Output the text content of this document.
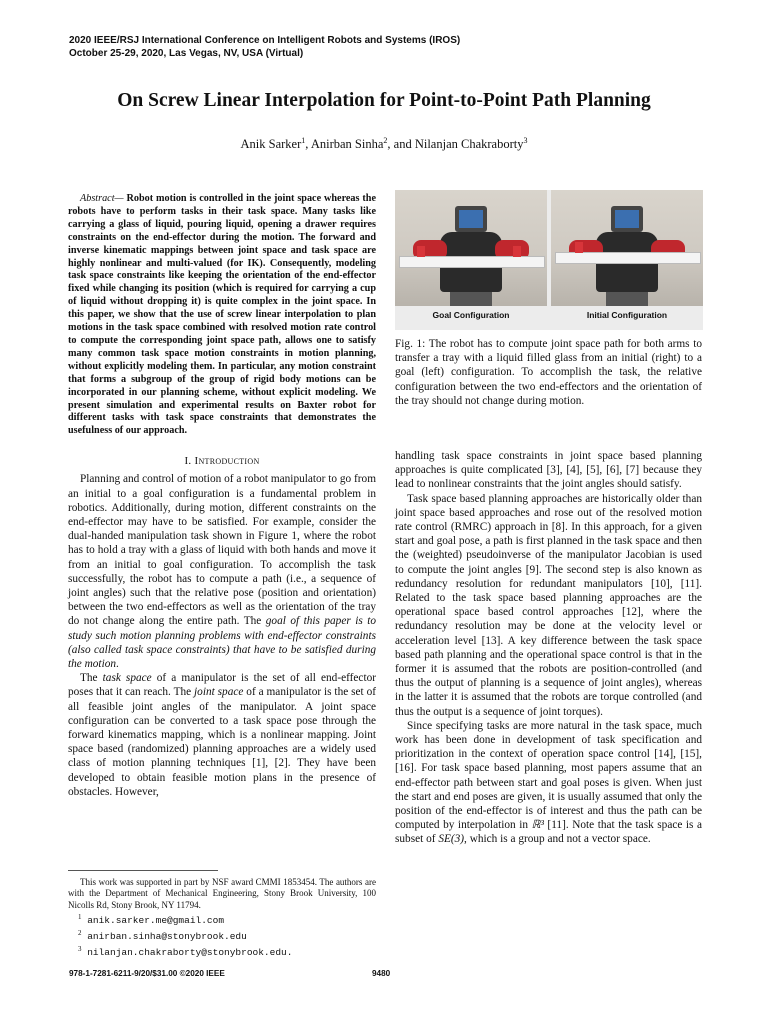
2020 IEEE/RSJ International Conference on Intelligent Robots and Systems (IROS)
October 25-29, 2020, Las Vegas, NV, USA (Virtual)
On Screw Linear Interpolation for Point-to-Point Path Planning
Anik Sarker$^1$, Anirban Sinha$^2$, and Nilanjan Chakraborty$^3$

Abstract— Robot motion is controlled in the joint space whereas the robots have to perform tasks in their task space. Many tasks like carrying a glass of liquid, pouring liquid, opening a drawer requires constraints on the end-effector during the motion. The forward and inverse kinematic mappings between joint space and task space are highly nonlinear and multi-valued (for IK). Consequently, modeling task space constraints like keeping the orientation of the end-effector fixed while changing its position (which is required for carrying a cup of liquid without dropping it) is quite complex in the joint space. In this paper, we show that the use of screw linear interpolation to plan motions in the task space combined with resolved motion rate control to compute the corresponding joint space path, allows one to satisfy many common task space motion constraints in motion planning, without explicitly modeling them. In particular, any motion constraint that forms a subgroup of the group of rigid body motions can be incorporated in our planning scheme, without explicit modeling. We present simulation and experimental results on Baxter robot for different tasks with task space constraints that demonstrates the usefulness of our approach.

I. Introduction

Planning and control of motion of a robot manipulator to go from an initial to a goal configuration is a fundamental problem in robotics. Additionally, during motion, different constraints on the end-effector may have to be satisfied. For example, consider the dual-handed manipulation task shown in Figure 1, where the robot has to hold a tray with a glass of liquid with both hands and move it from an initial to goal configuration. To accomplish the task successfully, the robot has to compute a path (i.e., a sequence of joint angles) such that the relative pose (position and orientation) between the two end-effectors as well as the orientation of the tray do not change along the entire path. The goal of this paper is to study such motion planning problems with end-effector constraints (also called task space constraints) that have to be satisfied during the motion.

The task space of a manipulator is the set of all end-effector poses that it can reach. The joint space of a manipulator is the set of all feasible joint angles of the manipulator. A joint space configuration can be converted to a task space pose through the forward kinematics mapping, which is a nonlinear mapping. Joint space based (randomized) planning approaches are a widely used class of motion planning techniques [1], [2]. They have been developed to obtain feasible motion plans in the presence of obstacles. However,

This work was supported in part by NSF award CMMI 1853454. The authors are with the Department of Mechanical Engineering, Stony Brook University, 100 Nicolls Rd, Stony Brook, NY 11794.
$^1$ anik.sarker.me@gmail.com
$^2$ anirban.sinha@stonybrook.edu
$^3$ nilanjan.chakraborty@stonybrook.edu.
Goal Configuration	Initial Configuration
Fig. 1: The robot has to compute joint space path for both arms to transfer a tray with a liquid filled glass from an initial (right) to a goal (left) configuration. To accomplish the task, the relative configuration between the two end-effectors and the orientation of the tray should not change during motion.

handling task space constraints in joint space based planning approaches is quite complicated [3], [4], [5], [6], [7] because they lead to nonlinear constraints that the joint angles should satisfy.

Task space based planning approaches are historically older than joint space based approaches and rose out of the resolved motion rate control (RMRC) approach in [8]. In this approach, for a given start and goal pose, a path is first planned in the task space and then the (weighted) pseudoinverse of the manipulator Jacobian is used to compute the joint angles [9]. The second step is also known as redundancy resolution for redundant manipulators [10], [11]. Related to the task space based planning approaches are the operational space based control approaches [12], where the redundancy resolution may be done at the velocity level or acceleration level [13]. A key difference between the task space based path planning and the operational space control is that in the former it is assumed that the robots are position-controlled (and thus the output of planning is a sequence of joint angles), whereas in the latter it is assumed that the robots are torque controlled (and thus the output is a sequence of joint torques).

Since specifying tasks are more natural in the task space, much work has been done in development of task specification and prioritization in the context of operation space control [14], [15], [16]. For task space based planning, most papers assume that an end-effector path between start and goal poses is given. When just the start and end poses are given, it is usually assumed that only the position of the end-effector is of interest and thus the path can be computed by interpolation in ℝ³ [11]. Note that the task space is a subset of SE(3), which is a group and not a vector space.

978-1-7281-6211-9/20/$31.00 ©2020 IEEE	9480
